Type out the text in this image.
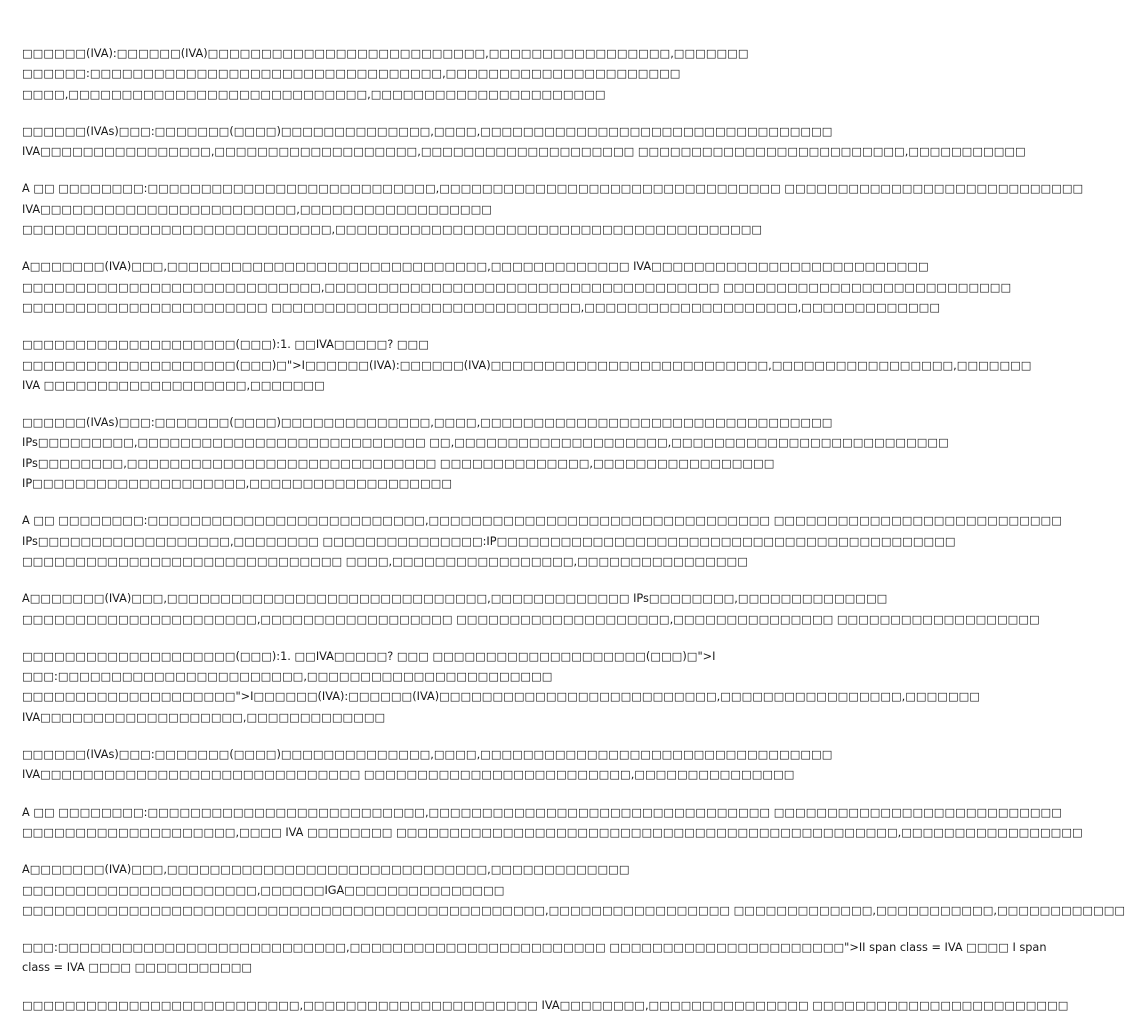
□□□□□□(IVA):□□□□□□(IVA)□□□□□□□□□□□□□□□□□□□□□□□□□□,□□□□□□□□□□□□□□□□□,□□□□□□□
□□□□□□:□□□□□□□□□□□□□□□□□□□□□□□□□□□□□□□□□,□□□□□□□□□□□□□□□□□□□□□□
□□□□,□□□□□□□□□□□□□□□□□□□□□□□□□□□□,□□□□□□□□□□□□□□□□□□□□□□
□□□□□□(IVAs)□□□:□□□□□□□(□□□□)□□□□□□□□□□□□□□,□□□□,□□□□□□□□□□□□□□□□□□□□□□□□□□□□□□□□□
IVA□□□□□□□□□□□□□□□□,□□□□□□□□□□□□□□□□□□□,□□□□□□□□□□□□□□□□□□□□ □□□□□□□□□□□□□□□□□□□□□□□□□,□□□□□□□□□□□
A □□ □□□□□□□□:□□□□□□□□□□□□□□□□□□□□□□□□□□□,□□□□□□□□□□□□□□□□□□□□□□□□□□□□□□□□ □□□□□□□□□□□□□□□□□□□□□□□□□□□□
IVA□□□□□□□□□□□□□□□□□□□□□□□□,□□□□□□□□□□□□□□□□□□
□□□□□□□□□□□□□□□□□□□□□□□□□□□□□,□□□□□□□□□□□□□□□□□□□□□□□□□□□□□□□□□□□□□□□□
A□□□□□□□(IVA)□□□,□□□□□□□□□□□□□□□□□□□□□□□□□□□□□□,□□□□□□□□□□□□□ IVA□□□□□□□□□□□□□□□□□□□□□□□□□□
□□□□□□□□□□□□□□□□□□□□□□□□□□□□,□□□□□□□□□□□□□□□□□□□□□□□□□□□□□□□□□□□□□ □□□□□□□□□□□□□□□□□□□□□□□□□□□
□□□□□□□□□□□□□□□□□□□□□□□ □□□□□□□□□□□□□□□□□□□□□□□□□□□□□,□□□□□□□□□□□□□□□□□□□□,□□□□□□□□□□□□□
□□□□□□□□□□□□□□□□□□□□(□□□):1. □□IVA□□□□□? □□□
□□□□□□□□□□□□□□□□□□□□(□□□)□">I□□□□□□(IVA):□□□□□□(IVA)□□□□□□□□□□□□□□□□□□□□□□□□□□,□□□□□□□□□□□□□□□□□,□□□□□□□
IVA □□□□□□□□□□□□□□□□□□□,□□□□□□□
□□□□□□(IVAs)□□□:□□□□□□□(□□□□)□□□□□□□□□□□□□□,□□□□,□□□□□□□□□□□□□□□□□□□□□□□□□□□□□□□□□
IPs□□□□□□□□□,□□□□□□□□□□□□□□□□□□□□□□□□□□□ □□,□□□□□□□□□□□□□□□□□□□□,□□□□□□□□□□□□□□□□□□□□□□□□□□
IPs□□□□□□□□,□□□□□□□□□□□□□□□□□□□□□□□□□□□□□ □□□□□□□□□□□□□□,□□□□□□□□□□□□□□□□□
IP□□□□□□□□□□□□□□□□□□□□,□□□□□□□□□□□□□□□□□□□
A □□ □□□□□□□□:□□□□□□□□□□□□□□□□□□□□□□□□□□,□□□□□□□□□□□□□□□□□□□□□□□□□□□□□□□□ □□□□□□□□□□□□□□□□□□□□□□□□□□□
IPs□□□□□□□□□□□□□□□□□□,□□□□□□□□ □□□□□□□□□□□□□□□:IP□□□□□□□□□□□□□□□□□□□□□□□□□□□□□□□□□□□□□□□□□□□
□□□□□□□□□□□□□□□□□□□□□□□□□□□□□□ □□□□,□□□□□□□□□□□□□□□□□,□□□□□□□□□□□□□□□□
A□□□□□□□(IVA)□□□,□□□□□□□□□□□□□□□□□□□□□□□□□□□□□□,□□□□□□□□□□□□□ IPs□□□□□□□□,□□□□□□□□□□□□□□
□□□□□□□□□□□□□□□□□□□□□□,□□□□□□□□□□□□□□□□□□ □□□□□□□□□□□□□□□□□□□□,□□□□□□□□□□□□□□□ □□□□□□□□□□□□□□□□□□□
□□□□□□□□□□□□□□□□□□□□(□□□):1. □□IVA□□□□□? □□□ □□□□□□□□□□□□□□□□□□□□(□□□)□">I
□□□:□□□□□□□□□□□□□□□□□□□□□□□,□□□□□□□□□□□□□□□□□□□□□□□
□□□□□□□□□□□□□□□□□□□□">I□□□□□□(IVA):□□□□□□(IVA)□□□□□□□□□□□□□□□□□□□□□□□□□□,□□□□□□□□□□□□□□□□□,□□□□□□□
IVA□□□□□□□□□□□□□□□□□□□,□□□□□□□□□□□□□
□□□□□□(IVAs)□□□:□□□□□□□(□□□□)□□□□□□□□□□□□□□,□□□□,□□□□□□□□□□□□□□□□□□□□□□□□□□□□□□□□□
IVA□□□□□□□□□□□□□□□□□□□□□□□□□□□□□□ □□□□□□□□□□□□□□□□□□□□□□□□□,□□□□□□□□□□□□□□□
A □□ □□□□□□□□:□□□□□□□□□□□□□□□□□□□□□□□□□□,□□□□□□□□□□□□□□□□□□□□□□□□□□□□□□□□ □□□□□□□□□□□□□□□□□□□□□□□□□□□
□□□□□□□□□□□□□□□□□□□□,□□□□ IVA □□□□□□□□ □□□□□□□□□□□□□□□□□□□□□□□□□□□□□□□□□□□□□□□□□□□□□□□,□□□□□□□□□□□□□□□□□
A□□□□□□□(IVA)□□□,□□□□□□□□□□□□□□□□□□□□□□□□□□□□□□,□□□□□□□□□□□□□
□□□□□□□□□□□□□□□□□□□□□□,□□□□□□IGA□□□□□□□□□□□□□□□
□□□□□□□□□□□□□□□□□□□□□□□□□□□□□□□□□□□□□□□□□□□□□□□□□,□□□□□□□□□□□□□□□□□ □□□□□□□□□□□□□,□□□□□□□□□□□,□□□□□□□□□□□□
□□□:□□□□□□□□□□□□□□□□□□□□□□□□□□□,□□□□□□□□□□□□□□□□□□□□□□□□ □□□□□□□□□□□□□□□□□□□□□□">II span class = IVA □□□□ I span
class = IVA □□□□ □□□□□□□□□□□
□□□□□□□□□□□□□□□□□□□□□□□□□□,□□□□□□□□□□□□□□□□□□□□□□ IVA□□□□□□□□,□□□□□□□□□□□□□□□ □□□□□□□□□□□□□□□□□□□□□□□□
